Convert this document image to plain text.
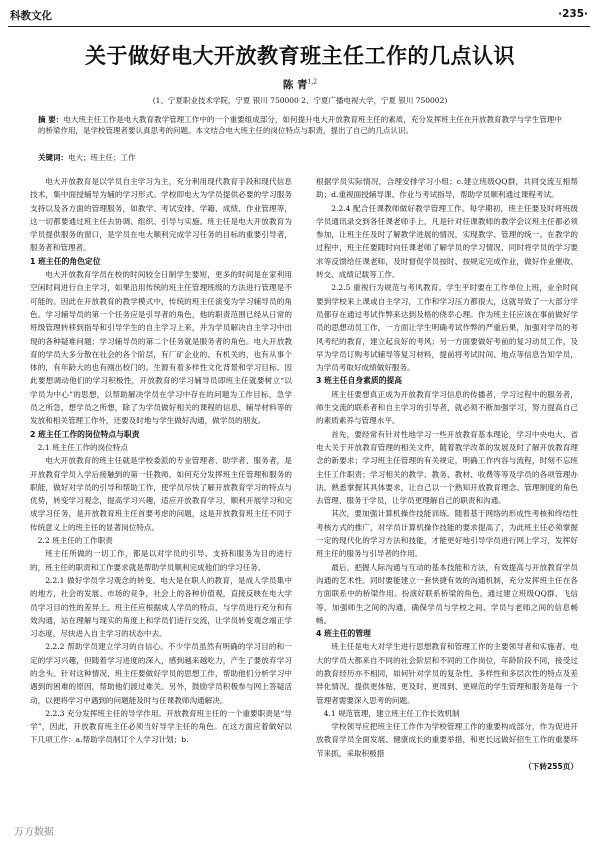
科教文化	·235·
关于做好电大开放教育班主任工作的几点认识
陈 青$^{1,2}$
(1、宁夏职业技术学院，宁夏 银川 750000 2、宁夏广播电视大学，宁夏 银川 750002)
摘 要：电大班主任工作是电大教育教学管理工作中的一个重要组成部分，如何提升电大开放教育班主任的素质，充分发挥班主任在开放教育教学与学生管理中的桥梁作用，是学校管理者要认真思考的问题。本文结合电大班主任的岗位特点与职责，提出了自己的几点认识。
关键词：电大；班主任；工作

电大开放教育是以学员自主学习为主，充分利用现代教育手段和现代信息技术，集中面授辅导为辅的学习形式。学校即电大为学员提供必要的学习服务支持以及各方面的管理服务，如教学、考试安排，学籍、成绩、作业管理等，这一切都要通过班主任去协调、组织、引导与实施。班主任是电大开放教育为学员提供服务的窗口，是学员在电大顺利完成学习任务的目标的重要引导者，服务者和管理者。

1 班主任的角色定位

电大开放教育学员在校的时间较全日制学生要短，更多的时间是在家利用空闲时间进行自主学习，如果沿用传统的班主任管理班级的方法进行管理是不可能的。因此在开放教育的教学模式中，传统的班主任演变为学习辅导员的角色。学习辅导员的第一个任务应是引导者的角色，他的职责范围已经从日常的班级管理转移到指导和引导学生的自主学习上来，并为学员解决自主学习中出现的各种疑难问题；学习辅导员的第二个任务就是服务者的角色。电大开放教育的学员大多分散在社会的各个阶层，有厂矿企业的、有机关的，也有从事个体的，有年龄大的也有刚出校门的。生源有着多样性文化背景和学习目标。因此要想调动他们的学习积极性，开放教育的学习辅导员即班主任就要树立“以学员为中心”的思想，以帮助解决学员在学习中存在的问题为工作目标，急学员之所急，想学员之所想，除了为学员做好相关的课程的信息、辅导材料等的发放和相关管理工作外，还要及时地与学生做好沟通，做学员的朋友。

2 班主任工作的岗位特点与职责
2.1 班主任工作的岗位特点

电大开放教育的班主任就是学校委派的专业管理者、助学者、服务者，是开放教育学员入学后接触到的第一任教师。如何充分发挥班主任管理和服务的职能，做好对学员的引导和帮助工作，使学员尽快了解开放教育学习的特点与优势，转变学习观念，提高学习兴趣，适应开放教育学习，顺利开展学习和完成学习任务，是开放教育班主任首要考虑的问题，这是开放教育班主任不同于传统意义上的班主任的显著岗位特点。

2.2 班主任的工作职责

班主任所做的一切工作，都是以对学员的引导、支持和服务为目的进行的，班主任的职责和工作要求就是帮助学员顺利完成他们的学习任务。

2.2.1 做好学员学习观念的转变。电大是在职人的教育，是成人学员集中的地方，社会的发展、市场的竞争，社会上的各种价值观，直接反映在电大学员学习目的性的差异上。班主任应根据成人学员的特点，与学员进行充分和有效沟通，站在理解与现实的角度上和学员们进行交流，让学员转变观念端正学习态度，尽快进入自主学习的状态中去。

2.2.2 帮助学员建立学习的自信心。不少学员虽然有明确的学习目的和一定的学习兴趣，但随着学习进度的深入，感到越来越吃力，产生了要放弃学习的念头。针对这种情况，班主任要做好学员的思想工作，帮助他们分析学习中遇到的困难的原因，帮助他们渡过难关。另外，鼓励学员积极参与网上答疑活动，以便将学习中遇到的问题能及时与任课教师沟通解决。

2.2.3 充分发挥班主任的导学作用。开放教育班主任的一个重要职责是“导学”，因此，开放教育班主任必须当好导学主任的角色。在这方面应着做好以下几项工作：a.帮助学员制订个人学习计划；b.

根据学员实际情况，合理安排学习小组；c.建立班级QQ群，共同交流互相帮助；d.重视面授辅导课、作业与考试指导，帮助学员顺利通过课程考试。

2.2.4 配合任课教师做好教学管理工作。每学期初，班主任要及时将班级学员通讯录交到各任课老师手上，凡是针对任课教师的教学会议班主任都必须参加，让班主任及时了解教学进展的情况，实现教学、管理的统一。在教学的过程中，班主任要随时向任课老师了解学员的学习情况，同时将学员的学习要求等反馈给任课老师，及时督促学员按时、按规定完成作业，做好作业催收、转交、成绩记载等工作。

2.2.5 重视行为规范与考风教育。学生平时要在工作单位上班，业余时间要到学校来上课或自主学习，工作和学习压力都很大，这就导致了一大部分学员都存在通过考试作弊来达到及格的侥幸心理。作为班主任应该在事前做好学员的思想动员工作，一方面让学生明确考试作弊的严重后果，加强对学员的考风考纪的教育，建立起良好的考风；另一方面要做好考前的复习动员工作，及早为学员订购考试辅导等复习材料，提前将考试时间、地点等信息告知学员，为学员考取好成绩做好服务。

3 班主任自身素质的提高

班主任要想真正成为开放教育学习信息的传播者，学习过程中的服务者，师生交流的联系者和自主学习的引导者，就必须不断加强学习，努力提高自己的素质素养与管理水平。

首先，要经常有针对性地学习一些开放教育基本理论，学习中央电大、省电大关于开放教育管理的相关文件，随着教学改革的发展及时了解开放教育理念的新要求；学习班主任管理的有关规定，明确工作内容与流程，时刻不忘班主任工作职责；学习相关的教学、教务、教材、收费等等及学员的各项管理办法，熟悉掌握其具体要求，让自己以一个熟知开放教育理念、管理制度的角色去管理、服务于学员，让学员更理解自己的职责和沟通。

其次，要加强计算机操作技能训练。随着基于网络的形成性考核和终结性考核方式的推广，对学员计算机操作技能的要求提高了，为此班主任必须掌握一定的现代化的学习方法和技能，才能更好地引导学员进行网上学习，发挥好班主任的服务与引导者的作用。

最后，把握人际沟通与互动的基本技能和方法，有效提高与开放教育学员沟通的艺术性。同时要能建立一套快捷有效的沟通机制，充分发挥班主任在各方面联系中的桥梁作用。扮演好联系桥梁的角色，通过建立班级QQ群、飞信等，加强师生之间的沟通，确保学员与学校之间、学员与老师之间的信息畅畅。

4 班主任的管理

班主任是电大对学生进行思想教育和管理工作的主要领导者和实施者。电大的学员大都来自不同的社会阶层和不同的工作岗位，年龄阶段不同，接受过的教育经历亦不相同，如何针对学员的复杂性、多样性和多层次性的特点及差异化情况，提供更体贴、更及时、更周到、更规范的学生管理和服务是每一个管理者需要深入思考的问题。

4.1 规范管理，建立班主任工作长效机制

学校领导应把班主任工作作为学校管理工作的重要构成部分，作为促进开放教育学员全面发展、健康成长的重要举措，和更长远做好招生工作的重要环节来抓，采取积极措

（下转255页）
万方数据
